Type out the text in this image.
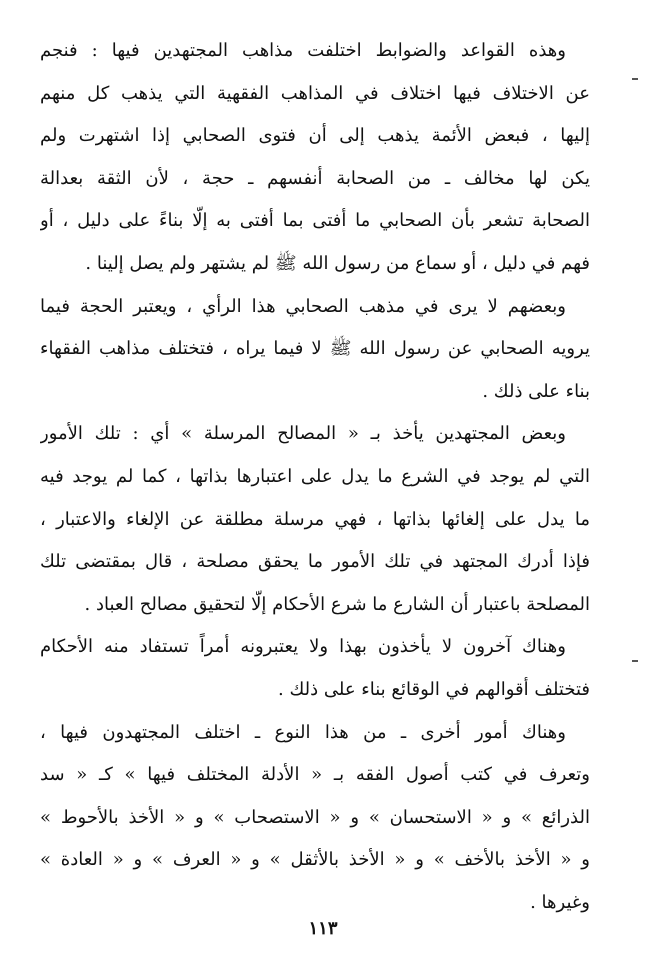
وهذه القواعد والضوابط اختلفت مذاهب المجتهدين فيها : فنجم
عن الاختلاف فيها اختلاف في المذاهب الفقهية التي يذهب كل منهم
إليها ، فبعض الأئمة يذهب إلى أن فتوى الصحابي إذا اشتهرت ولم
يكن لها مخالف ـ من الصحابة أنفسهم ـ حجة ، لأن الثقة بعدالة
الصحابة تشعر بأن الصحابي ما أفتى بما أفتى به إلّا بناءً على دليل ، أو
فهم في دليل ، أو سماع من رسول الله ﷺ لم يشتهر ولم يصل إلينا .
وبعضهم لا يرى في مذهب الصحابي هذا الرأي ، ويعتبر الحجة فيما
يرويه الصحابي عن رسول الله ﷺ لا فيما يراه ، فتختلف مذاهب الفقهاء
بناء على ذلك .
وبعض المجتهدين يأخذ بـ « المصالح المرسلة » أي : تلك الأمور
التي لم يوجد في الشرع ما يدل على اعتبارها بذاتها ، كما لم يوجد فيه
ما يدل على إلغائها بذاتها ، فهي مرسلة مطلقة عن الإلغاء والاعتبار ،
فإذا أدرك المجتهد في تلك الأمور ما يحقق مصلحة ، قال بمقتضى تلك
المصلحة باعتبار أن الشارع ما شرع الأحكام إلّا لتحقيق مصالح العباد .
وهناك آخرون لا يأخذون بهذا ولا يعتبرونه أمراً تستفاد منه الأحكام
فتختلف أقوالهم في الوقائع بناء على ذلك .
وهناك أمور أخرى ـ من هذا النوع ـ اختلف المجتهدون فيها ،
وتعرف في كتب أصول الفقه بـ « الأدلة المختلف فيها » كـ « سد
الذرائع » و « الاستحسان » و « الاستصحاب » و « الأخذ بالأحوط »
و « الأخذ بالأخف » و « الأخذ بالأثقل » و « العرف » و « العادة »
وغيرها .
١١٣
